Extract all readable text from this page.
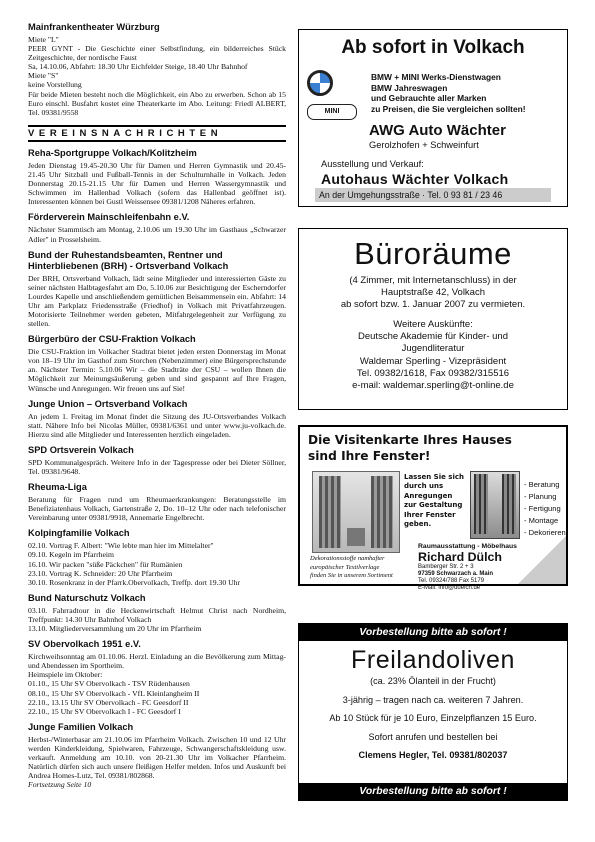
Mainfrankentheater Würzburg
Miete "L"

PEER GYNT - Die Geschichte einer Selbstfindung, ein bilderreiches Stück Zeitgeschichte, der nordische Faust

Sa, 14.10.06, Abfahrt: 18.30 Uhr Eichfelder Steige, 18.40 Uhr Bahnhof
Miete "S"
keine Vorstellung

Für beide Mieten besteht noch die Möglichkeit, ein Abo zu erwerben. Schon ab 15 Euro einschl. Busfahrt kostet eine Theaterkarte im Abo. Leitung: Friedl ALBERT, Tel. 09381/9558

VEREINSNACHRICHTEN
Reha-Sportgruppe Volkach/Kolitzheim

Jeden Dienstag 19.45-20.30 Uhr für Damen und Herren Gymnastik und 20.45-21.45 Uhr Sitzball und Fußball-Tennis in der Schulturnhalle in Volkach. Jeden Donnerstag 20.15-21.15 Uhr für Damen und Herren Wassergymnastik und Schwimmen im Hallenbad Volkach (sofern das Hallenbad geöffnet ist). Interessenten können bei Gustl Weissensee 09381/1208 Näheres erfahren.

Förderverein Mainschleifenbahn e.V.

Nächster Stammtisch am Montag, 2.10.06 um 19.30 Uhr im Gasthaus „Schwarzer Adler" in Prosselsheim.

Bund der Ruhestandsbeamten, Rentner und Hinterbliebenen (BRH) - Ortsverband Volkach

Der BRH, Ortsverband Volkach, lädt seine Mitglieder und interessierten Gäste zu seiner nächsten Halbtagesfahrt am Do, 5.10.06 zur Besichtigung der Escherndorfer Lourdes Kapelle und anschließendem gemütlichen Beisammensein ein. Abfahrt: 14 Uhr am Parkplatz Friedensstraße (Friedhof) in Volkach mit Privatfahrzeugen. Motorisierte Teilnehmer werden gebeten, Mitfahrgelegenheit zur Verfügung zu stellen.

Bürgerbüro der CSU-Fraktion Volkach

Die CSU-Fraktion im Volkacher Stadtrat bietet jeden ersten Donnerstag im Monat von 18–19 Uhr im Gasthof zum Storchen (Nebenzimmer) eine Bürgersprechstunde an. Nächster Termin: 5.10.06 Wir – die Stadträte der CSU – wollen Ihnen die Möglichkeit zur Meinungsäußerung geben und sind gespannt auf Ihre Fragen, Wünsche und Anregungen. Wir freuen uns auf Sie!

Junge Union – Ortsverband Volkach

An jedem 1. Freitag im Monat findet die Sitzung des JU-Ortsverbandes Volkach statt. Nähere Info bei Nicolas Müller, 09381/6361 und unter www.ju-volkach.de. Hierzu sind alle Mitglieder und Interessenten herzlich eingeladen.

SPD Ortsverein Volkach

SPD Kommunalgespräch. Weitere Info in der Tagespresse oder bei Dieter Söllner, Tel. 09381/9648.

Rheuma-Liga

Beratung für Fragen rund um Rheumaerkrankungen: Beratungsstelle im Benefiziatenhaus Volkach, Gartenstraße 2, Do. 10–12 Uhr oder nach telefonischer Vereinbarung unter 09381/9918, Annemarie Engelbrecht.

Kolpingfamilie Volkach
02.10. Vortrag F. Albert: "Wie lebte man hier im Mittelalter"
09.10. Kegeln im Pfarrheim
16.10. Wir packen "süße Päckchen" für Rumänien
23.10. Vortrag K. Schneider: 20 Uhr Pfarrheim
30.10. Rosenkranz in der Pfarrk.Obervolkach, Treffp. dort 19.30 Uhr
Bund Naturschutz Volkach

03.10. Fahrradtour in die Heckenwirtschaft Helmut Christ nach Nordheim, Treffpunkt: 14.30 Uhr Bahnhof Volkach

13.10. Mitgliederversammlung um 20 Uhr im Pfarrheim
SV Obervolkach 1951 e.V.

Kirchweihsonntag am 01.10.06. Herzl. Einladung an die Bevölkerung zum Mittag- und Abendessen im Sportheim.

Heimspiele im Oktober:
01.10., 15 Uhr SV Obervolkach - TSV Rüdenhausen
08.10., 15 Uhr SV Obervolkach - VfL Kleinlangheim II
22.10., 13.15 Uhr SV Obervolkach - FC Geesdorf II
22.10., 15 Uhr SV Obervolkach I - FC Geesdorf I
Junge Familien Volkach

Herbst-/Winterbasar am 21.10.06 im Pfarrheim Volkach. Zwischen 10 und 12 Uhr werden Kinderkleidung, Spielwaren, Fahrzeuge, Schwangerschaftskleidung usw. verkauft. Anmeldung am 10.10. von 20-21.30 Uhr im Volkacher Pfarrheim. Natürlich dürfen sich auch unsere fleißigen Helfer melden. Infos und Auskunft bei Andrea Homes-Lutz, Tel. 09381/802868.

Fortsetzung Seite 10

Ab sofort in Volkach
MINI
BMW + MINI Werks-Dienstwagen
BMW Jahreswagen
und Gebrauchte aller Marken
zu Preisen, die Sie vergleichen sollten!
AWG Auto Wächter
Gerolzhofen + Schweinfurt
Ausstellung und Verkauf:
Autohaus Wächter Volkach
An der Umgehungsstraße · Tel. 0 93 81 / 23 46
Büroräume
(4 Zimmer, mit Internetanschluss) in der
Hauptstraße 42, Volkach
ab sofort bzw. 1. Januar 2007 zu vermieten.
Weitere Auskünfte:
Deutsche Akademie für Kinder- und
Jugendliteratur
Waldemar Sperling - Vizepräsident
Tel. 09382/1618, Fax 09382/315516
e-mail: waldemar.sperling@t-online.de
Die Visitenkarte Ihres Hauses
sind Ihre Fenster!
Lassen Sie sich
durch uns
Anregungen
zur Gestaltung
Ihrer Fenster
geben.
- Beratung
- Planung
- Fertigung
- Montage
- Dekorieren
Dekorationsstoffe namhafter
europäischer Textilverlage
finden Sie in unserem Sortiment
Raumausstattung - Möbelhaus
Richard Dülch
Bamberger Str. 2 + 3
97359 Schwarzach a. Main
Tel. 09324/788 Fax 5179
E-Mail: info@duelch.de
Vorbestellung bitte ab sofort !
Freilandoliven
(ca. 23% Ölanteil in der Frucht)
3-jährig – tragen nach ca. weiteren 7 Jahren.
Ab 10 Stück für je 10 Euro, Einzelpflanzen 15 Euro.
Sofort anrufen und bestellen bei
Clemens Hegler, Tel. 09381/802037
Vorbestellung bitte ab sofort !
